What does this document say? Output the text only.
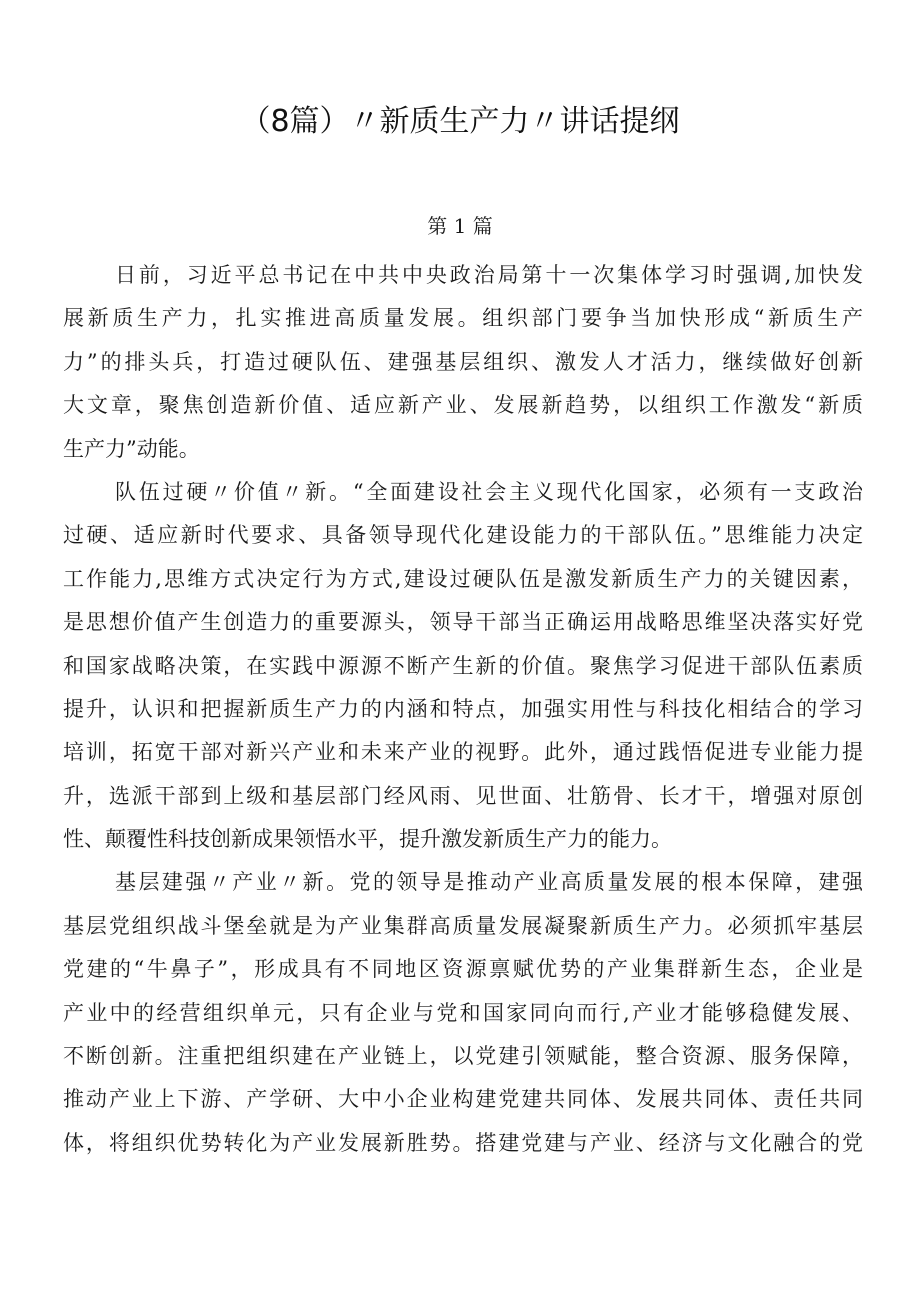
（8篇）〃新质生产力〃讲话提纲
第 1 篇
日前，习近平总书记在中共中央政治局第十一次集体学习时强调,加快发
展新质生产力，扎实推进高质量发展。组织部门要争当加快形成“新质生产
力”的排头兵，打造过硬队伍、建强基层组织、激发人才活力，继续做好创新
大文章，聚焦创造新价值、适应新产业、发展新趋势，以组织工作激发“新质
生产力”动能。
队伍过硬〃价值〃新。“全面建设社会主义现代化国家，必须有一支政治
过硬、适应新时代要求、具备领导现代化建设能力的干部队伍。”思维能力决定
工作能力,思维方式决定行为方式,建设过硬队伍是激发新质生产力的关键因素，
是思想价值产生创造力的重要源头，领导干部当正确运用战略思维坚决落实好党
和国家战略决策，在实践中源源不断产生新的价值。聚焦学习促进干部队伍素质
提升，认识和把握新质生产力的内涵和特点，加强实用性与科技化相结合的学习
培训，拓宽干部对新兴产业和未来产业的视野。此外，通过践悟促进专业能力提
升，选派干部到上级和基层部门经风雨、见世面、壮筋骨、长才干，增强对原创
性、颠覆性科技创新成果领悟水平，提升激发新质生产力的能力。
基层建强〃产业〃新。党的领导是推动产业高质量发展的根本保障，建强
基层党组织战斗堡垒就是为产业集群高质量发展凝聚新质生产力。必须抓牢基层
党建的“牛鼻子”，形成具有不同地区资源禀赋优势的产业集群新生态，企业是
产业中的经营组织单元，只有企业与党和国家同向而行,产业才能够稳健发展、
不断创新。注重把组织建在产业链上，以党建引领赋能，整合资源、服务保障，
推动产业上下游、产学研、大中小企业构建党建共同体、发展共同体、责任共同
体，将组织优势转化为产业发展新胜势。搭建党建与产业、经济与文化融合的党
